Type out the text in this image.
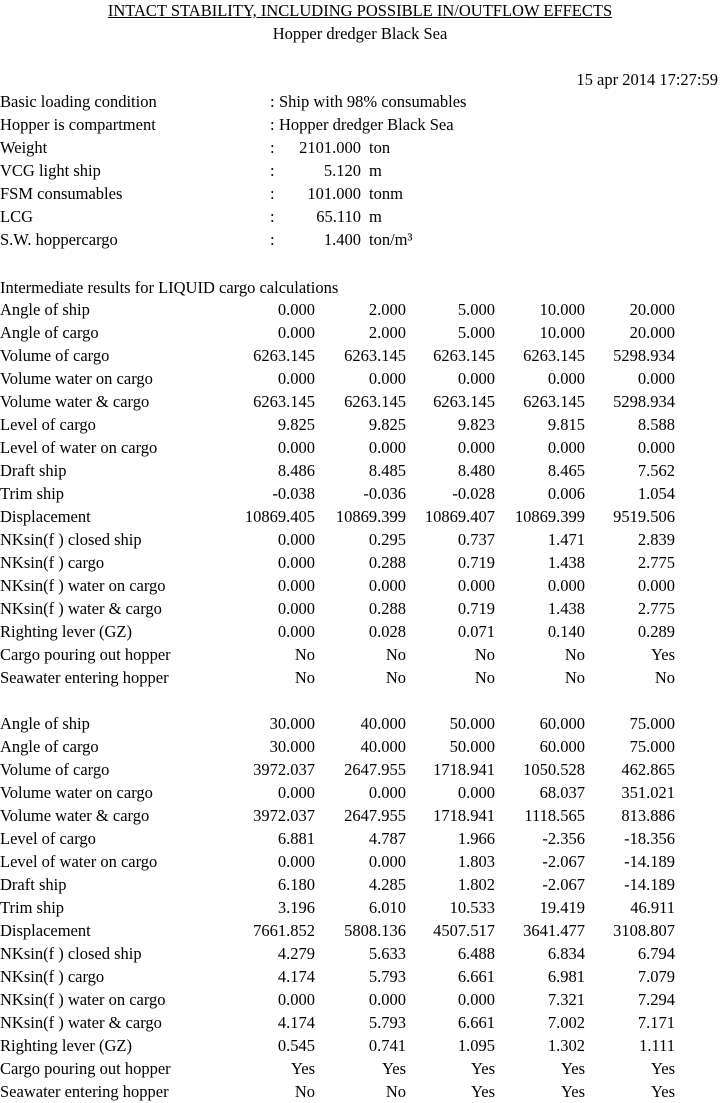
INTACT STABILITY, INCLUDING POSSIBLE IN/OUTFLOW EFFECTS
Hopper dredger Black Sea
15 apr 2014 17:27:59
Basic loading condition	: Ship with 98% consumables
Hopper is compartment	: Hopper dredger Black Sea
Weight	: 2101.000 ton
VCG light ship	:	5.120 m
FSM consumables	: 101.000 tonm
LCG	:	65.110 m
S.W. hoppercargo	:	1.400 ton/m³
Intermediate results for LIQUID cargo calculations
Angle of ship	0.000	2.000	5.000	10.000	20.000
Angle of cargo	0.000	2.000	5.000	10.000	20.000
Volume of cargo	6263.145	6263.145	6263.145	6263.145	5298.934
Volume water on cargo	0.000	0.000	0.000	0.000	0.000
Volume water & cargo	6263.145	6263.145	6263.145	6263.145	5298.934
Level of cargo	9.825	9.825	9.823	9.815	8.588
Level of water on cargo	0.000	0.000	0.000	0.000	0.000
Draft ship	8.486	8.485	8.480	8.465	7.562
Trim ship	-0.038	-0.036	-0.028	0.006	1.054
Displacement	10869.405	10869.399	10869.407	10869.399	9519.506
NKsin(f ) closed ship	0.000	0.295	0.737	1.471	2.839
NKsin(f ) cargo	0.000	0.288	0.719	1.438	2.775
NKsin(f ) water on cargo	0.000	0.000	0.000	0.000	0.000
NKsin(f ) water & cargo	0.000	0.288	0.719	1.438	2.775
Righting lever (GZ)	0.000	0.028	0.071	0.140	0.289
Cargo pouring out hopper	No	No	No	No	Yes
Seawater entering hopper	No	No	No	No	No
Angle of ship	30.000	40.000	50.000	60.000	75.000
Angle of cargo	30.000	40.000	50.000	60.000	75.000
Volume of cargo	3972.037	2647.955	1718.941	1050.528	462.865
Volume water on cargo	0.000	0.000	0.000	68.037	351.021
Volume water & cargo	3972.037	2647.955	1718.941	1118.565	813.886
Level of cargo	6.881	4.787	1.966	-2.356	-18.356
Level of water on cargo	0.000	0.000	1.803	-2.067	-14.189
Draft ship	6.180	4.285	1.802	-2.067	-14.189
Trim ship	3.196	6.010	10.533	19.419	46.911
Displacement	7661.852	5808.136	4507.517	3641.477	3108.807
NKsin(f ) closed ship	4.279	5.633	6.488	6.834	6.794
NKsin(f ) cargo	4.174	5.793	6.661	6.981	7.079
NKsin(f ) water on cargo	0.000	0.000	0.000	7.321	7.294
NKsin(f ) water & cargo	4.174	5.793	6.661	7.002	7.171
Righting lever (GZ)	0.545	0.741	1.095	1.302	1.111
Cargo pouring out hopper	Yes	Yes	Yes	Yes	Yes
Seawater entering hopper	No	No	Yes	Yes	Yes
